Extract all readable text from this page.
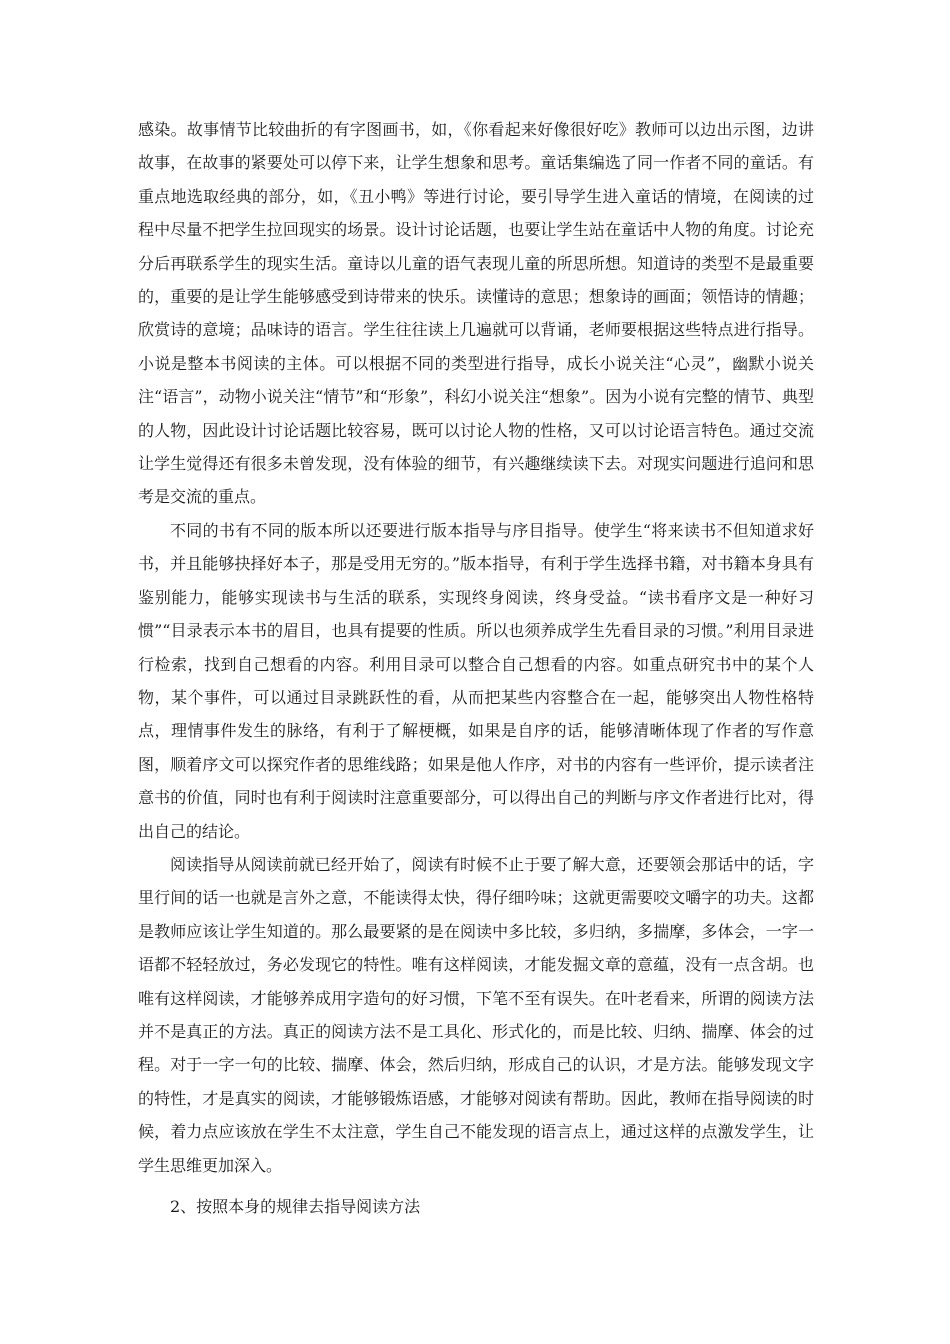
感染。故事情节比较曲折的有字图画书，如，《你看起来好像很好吃》教师可以边出示图，边讲故事，在故事的紧要处可以停下来，让学生想象和思考。童话集编选了同一作者不同的童话。有重点地选取经典的部分，如，《丑小鸭》等进行讨论，要引导学生进入童话的情境，在阅读的过程中尽量不把学生拉回现实的场景。设计讨论话题，也要让学生站在童话中人物的角度。讨论充分后再联系学生的现实生活。童诗以儿童的语气表现儿童的所思所想。知道诗的类型不是最重要的，重要的是让学生能够感受到诗带来的快乐。读懂诗的意思；想象诗的画面；领悟诗的情趣；欣赏诗的意境；品味诗的语言。学生往往读上几遍就可以背诵，老师要根据这些特点进行指导。小说是整本书阅读的主体。可以根据不同的类型进行指导，成长小说关注“心灵”，幽默小说关注“语言”，动物小说关注“情节”和“形象”，科幻小说关注“想象”。因为小说有完整的情节、典型的人物，因此设计讨论话题比较容易，既可以讨论人物的性格，又可以讨论语言特色。通过交流让学生觉得还有很多未曾发现，没有体验的细节，有兴趣继续读下去。对现实问题进行追问和思考是交流的重点。

不同的书有不同的版本所以还要进行版本指导与序目指导。使学生“将来读书不但知道求好书，并且能够抉择好本子，那是受用无穷的。”版本指导，有利于学生选择书籍，对书籍本身具有鉴别能力，能够实现读书与生活的联系，实现终身阅读，终身受益。“读书看序文是一种好习惯”“目录表示本书的眉目，也具有提要的性质。所以也须养成学生先看目录的习惯。”利用目录进行检索，找到自己想看的内容。利用目录可以整合自己想看的内容。如重点研究书中的某个人物，某个事件，可以通过目录跳跃性的看，从而把某些内容整合在一起，能够突出人物性格特点，理情事件发生的脉络，有利于了解梗概，如果是自序的话，能够清晰体现了作者的写作意图，顺着序文可以探究作者的思维线路；如果是他人作序，对书的内容有一些评价，提示读者注意书的价值，同时也有利于阅读时注意重要部分，可以得出自己的判断与序文作者进行比对，得出自己的结论。

阅读指导从阅读前就已经开始了，阅读有时候不止于要了解大意，还要领会那话中的话，字里行间的话一也就是言外之意，不能读得太快，得仔细吟味；这就更需要咬文嚼字的功夫。这都是教师应该让学生知道的。那么最要紧的是在阅读中多比较，多归纳，多揣摩，多体会，一字一语都不轻轻放过，务必发现它的特性。唯有这样阅读，才能发掘文章的意蕴，没有一点含胡。也唯有这样阅读，才能够养成用字造句的好习惯，下笔不至有误失。在叶老看来，所谓的阅读方法并不是真正的方法。真正的阅读方法不是工具化、形式化的，而是比较、归纳、揣摩、体会的过程。对于一字一句的比较、揣摩、体会，然后归纳，形成自己的认识，才是方法。能够发现文字的特性，才是真实的阅读，才能够锻炼语感，才能够对阅读有帮助。因此，教师在指导阅读的时候，着力点应该放在学生不太注意，学生自己不能发现的语言点上，通过这样的点激发学生，让学生思维更加深入。

2、按照本身的规律去指导阅读方法
